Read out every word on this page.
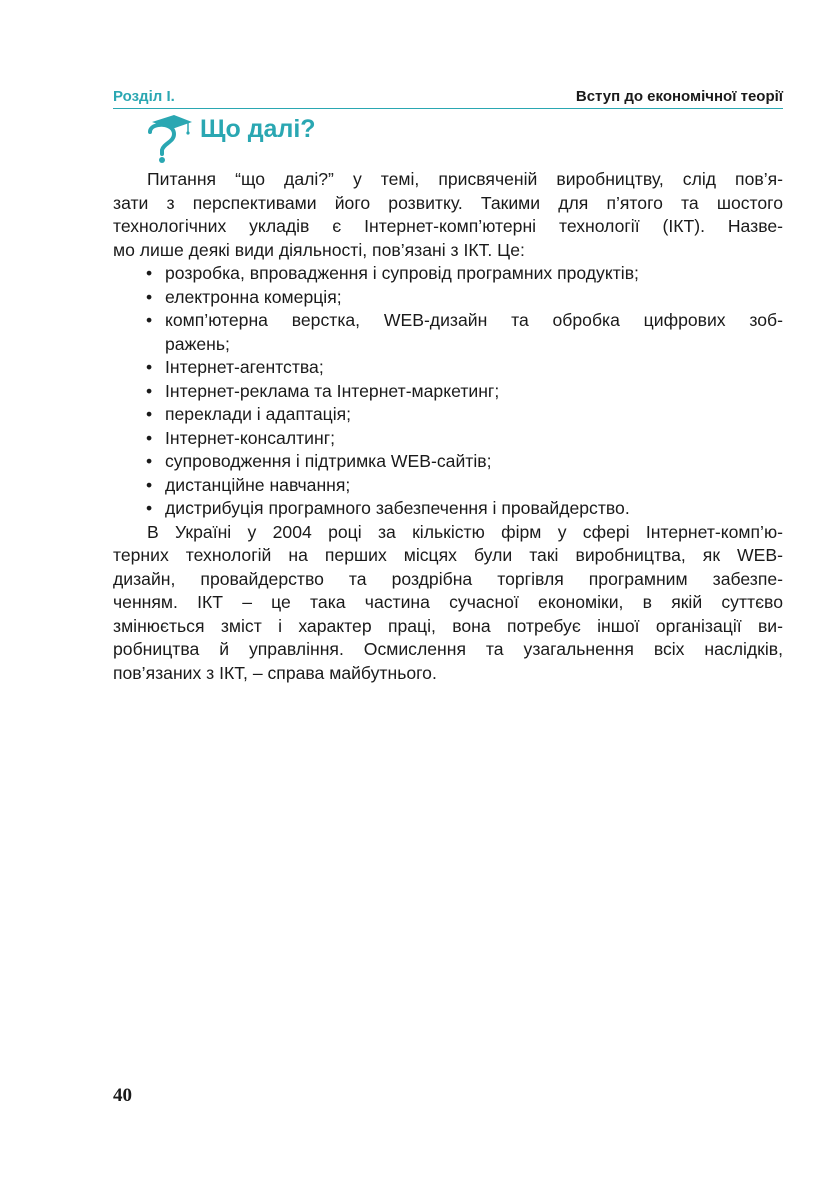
Розділ І.	Вступ до економічної теорії
Що далі?
Питання “що далі?” у темі, присвяченій виробництву, слід пов’я-
зати з перспективами його розвитку. Такими для п’ятого та шостого
технологічних укладів є Інтернет-комп’ютерні технології (ІКТ). Назве-
мо лише деякі види діяльності, пов’язані з ІКТ. Це:
• розробка, впровадження і супровід програмних продуктів;
• електронна комерція;
• комп’ютерна верстка, WEB-дизайн та обробка цифрових зоб-
ражень;
• Інтернет-агентства;
• Інтернет-реклама та Інтернет-маркетинг;
• переклади і адаптація;
• Інтернет-консалтинг;
• супроводження і підтримка WEB-сайтів;
• дистанційне навчання;
• дистрибуція програмного забезпечення і провайдерство.
В Україні у 2004 році за кількістю фірм у сфері Інтернет-комп’ю-
терних технологій на перших місцях були такі виробництва, як WEB-
дизайн, провайдерство та роздрібна торгівля програмним забезпе-
ченням. ІКТ – це така частина сучасної економіки, в якій суттєво
змінюється зміст і характер праці, вона потребує іншої організації ви-
робництва й управління. Осмислення та узагальнення всіх наслідків,
пов’язаних з ІКТ, – справа майбутнього.
40
